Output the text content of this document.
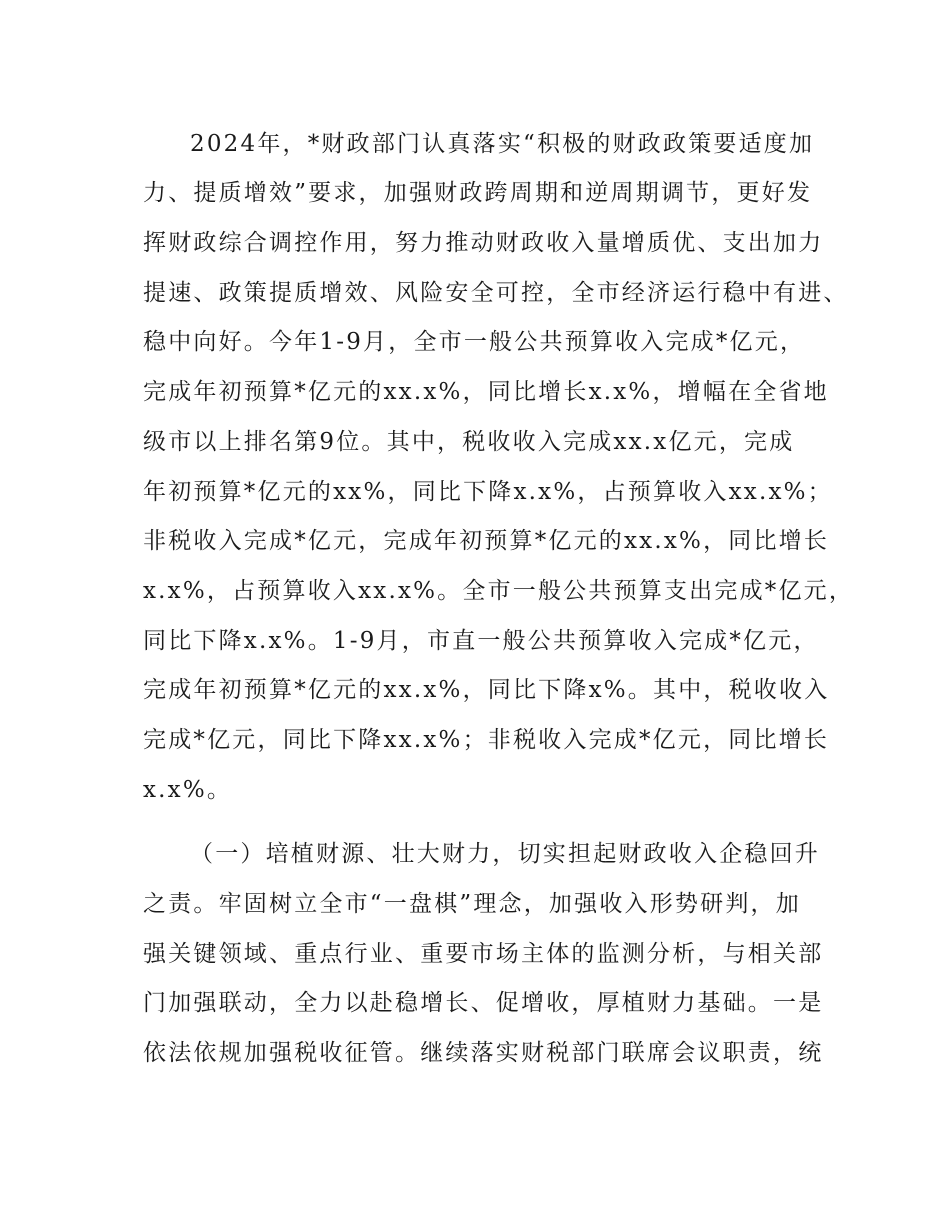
2024年，*财政部门认真落实“积极的财政政策要适度加
力、提质增效”要求，加强财政跨周期和逆周期调节，更好发
挥财政综合调控作用，努力推动财政收入量增质优、支出加力
提速、政策提质增效、风险安全可控，全市经济运行稳中有进、
稳中向好。今年1-9月，全市一般公共预算收入完成*亿元，
完成年初预算*亿元的xx.x%，同比增长x.x%，增幅在全省地
级市以上排名第9位。其中，税收收入完成xx.x亿元，完成
年初预算*亿元的xx%，同比下降x.x%，占预算收入xx.x%；
非税收入完成*亿元，完成年初预算*亿元的xx.x%，同比增长
x.x%，占预算收入xx.x%。全市一般公共预算支出完成*亿元，
同比下降x.x%。1-9月，市直一般公共预算收入完成*亿元，
完成年初预算*亿元的xx.x%，同比下降x%。其中，税收收入
完成*亿元，同比下降xx.x%；非税收入完成*亿元，同比增长
x.x%。
（一）培植财源、壮大财力，切实担起财政收入企稳回升
之责。牢固树立全市“一盘棋”理念，加强收入形势研判，加
强关键领域、重点行业、重要市场主体的监测分析，与相关部
门加强联动，全力以赴稳增长、促增收，厚植财力基础。一是
依法依规加强税收征管。继续落实财税部门联席会议职责，统
